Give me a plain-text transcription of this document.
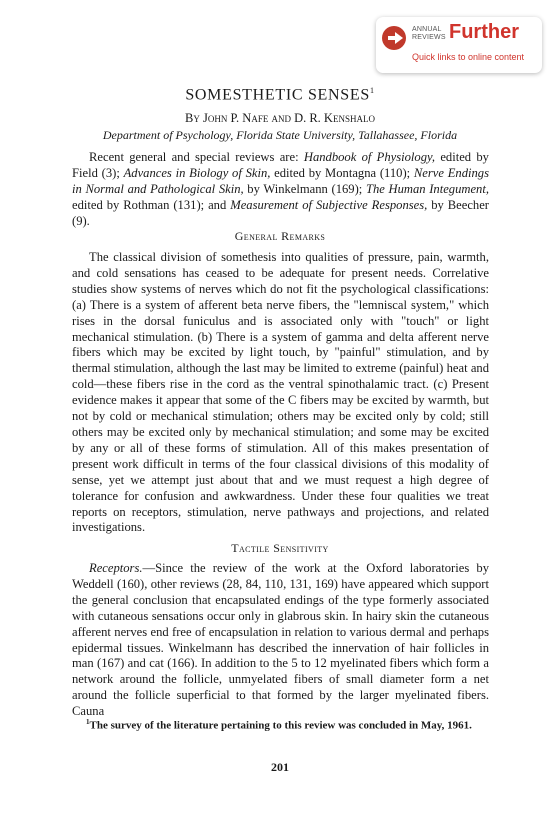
ANNUAL
REVIEWS Further
Quick links to online content
SOMESTHETIC SENSES$^1$
By John P. Nafe and D. R. Kenshalo
Department of Psychology, Florida State University, Tallahassee, Florida

Recent general and special reviews are: Handbook of Physiology, edited by Field (3); Advances in Biology of Skin, edited by Montagna (110); Nerve Endings in Normal and Pathological Skin, by Winkelmann (169); The Human Integument, edited by Rothman (131); and Measurement of Subjective Responses, by Beecher (9).

General Remarks

The classical division of somethesis into qualities of pressure, pain, warmth, and cold sensations has ceased to be adequate for present needs. Correlative studies show systems of nerves which do not fit the psychological classifications: (a) There is a system of afferent beta nerve fibers, the "lemniscal system," which rises in the dorsal funiculus and is associated only with "touch" or light mechanical stimulation. (b) There is a system of gamma and delta afferent nerve fibers which may be excited by light touch, by "painful" stimulation, and by thermal stimulation, although the last may be limited to extreme (painful) heat and cold—these fibers rise in the cord as the ventral spinothalamic tract. (c) Present evidence makes it appear that some of the C fibers may be excited by warmth, but not by cold or mechanical stimulation; others may be excited only by cold; still others may be excited only by mechanical stimulation; and some may be excited by any or all of these forms of stimulation. All of this makes presentation of present work difficult in terms of the four classical divisions of this modality of sense, yet we attempt just about that and we must request a high degree of tolerance for confusion and awkwardness. Under these four qualities we treat reports on receptors, stimulation, nerve pathways and projections, and related investigations.

Tactile Sensitivity

Receptors.—Since the review of the work at the Oxford laboratories by Weddell (160), other reviews (28, 84, 110, 131, 169) have appeared which support the general conclusion that encapsulated endings of the type formerly associated with cutaneous sensations occur only in glabrous skin. In hairy skin the cutaneous afferent nerves end free of encapsulation in relation to various dermal and perhaps epidermal tissues. Winkelmann has described the innervation of hair follicles in man (167) and cat (166). In addition to the 5 to 12 myelinated fibers which form a network around the follicle, unmyelated fibers of small diameter form a net around the follicle superficial to that formed by the larger myelinated fibers. Cauna

$^1$The survey of the literature pertaining to this review was concluded in May, 1961.

201
